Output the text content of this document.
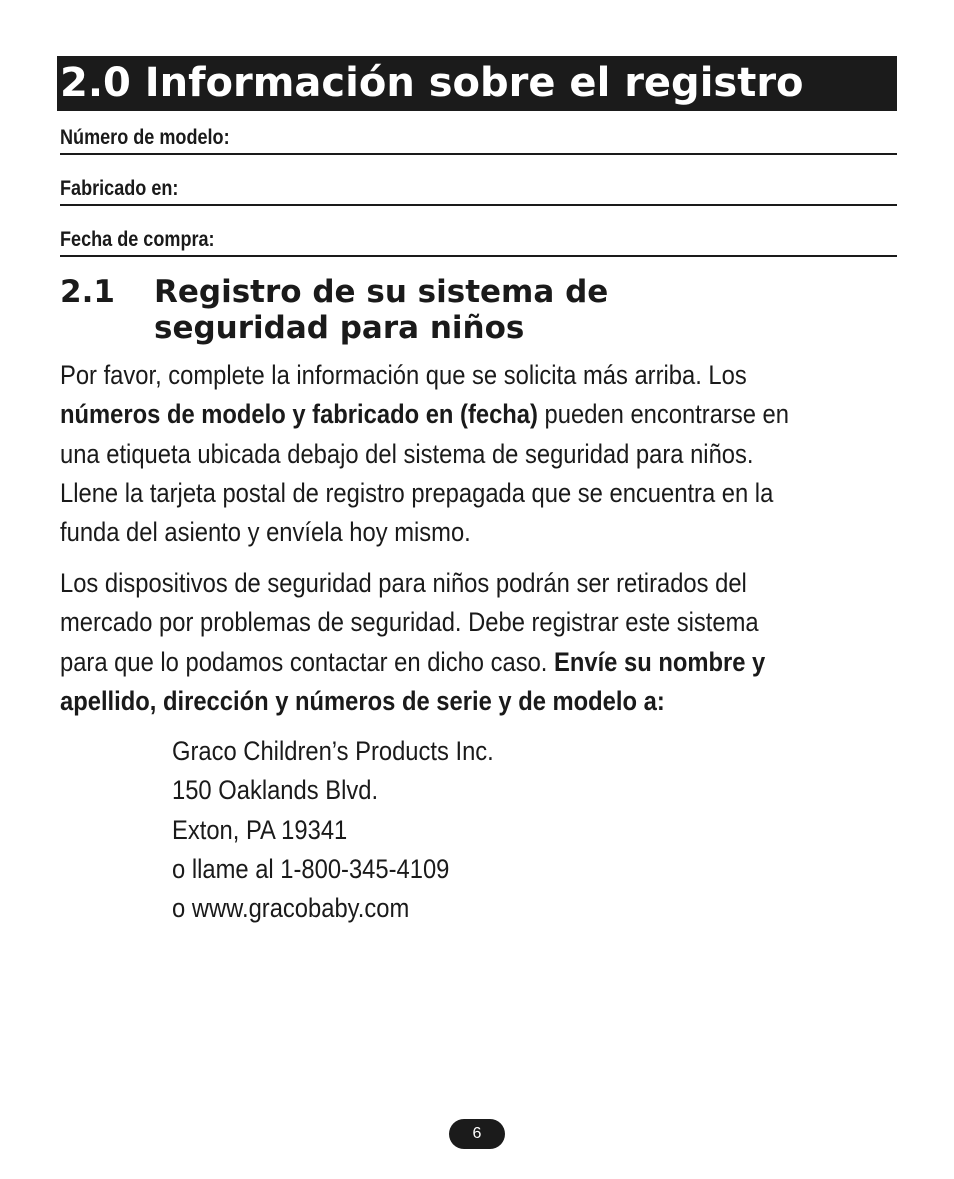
2.0 Información sobre el registro
Número de modelo:
Fabricado en:
Fecha de compra:
2.1 Registro de su sistema de
seguridad para niños
Por favor, complete la información que se solicita más arriba. Los
números de modelo y fabricado en (fecha) pueden encontrarse en
una etiqueta ubicada debajo del sistema de seguridad para niños.
Llene la tarjeta postal de registro prepagada que se encuentra en la
funda del asiento y envíela hoy mismo.
Los dispositivos de seguridad para niños podrán ser retirados del
mercado por problemas de seguridad. Debe registrar este sistema
para que lo podamos contactar en dicho caso. Envíe su nombre y
apellido, dirección y números de serie y de modelo a:
Graco Children’s Products Inc.
150 Oaklands Blvd.
Exton, PA 19341
o llame al 1-800-345-4109
o www.gracobaby.com
6
